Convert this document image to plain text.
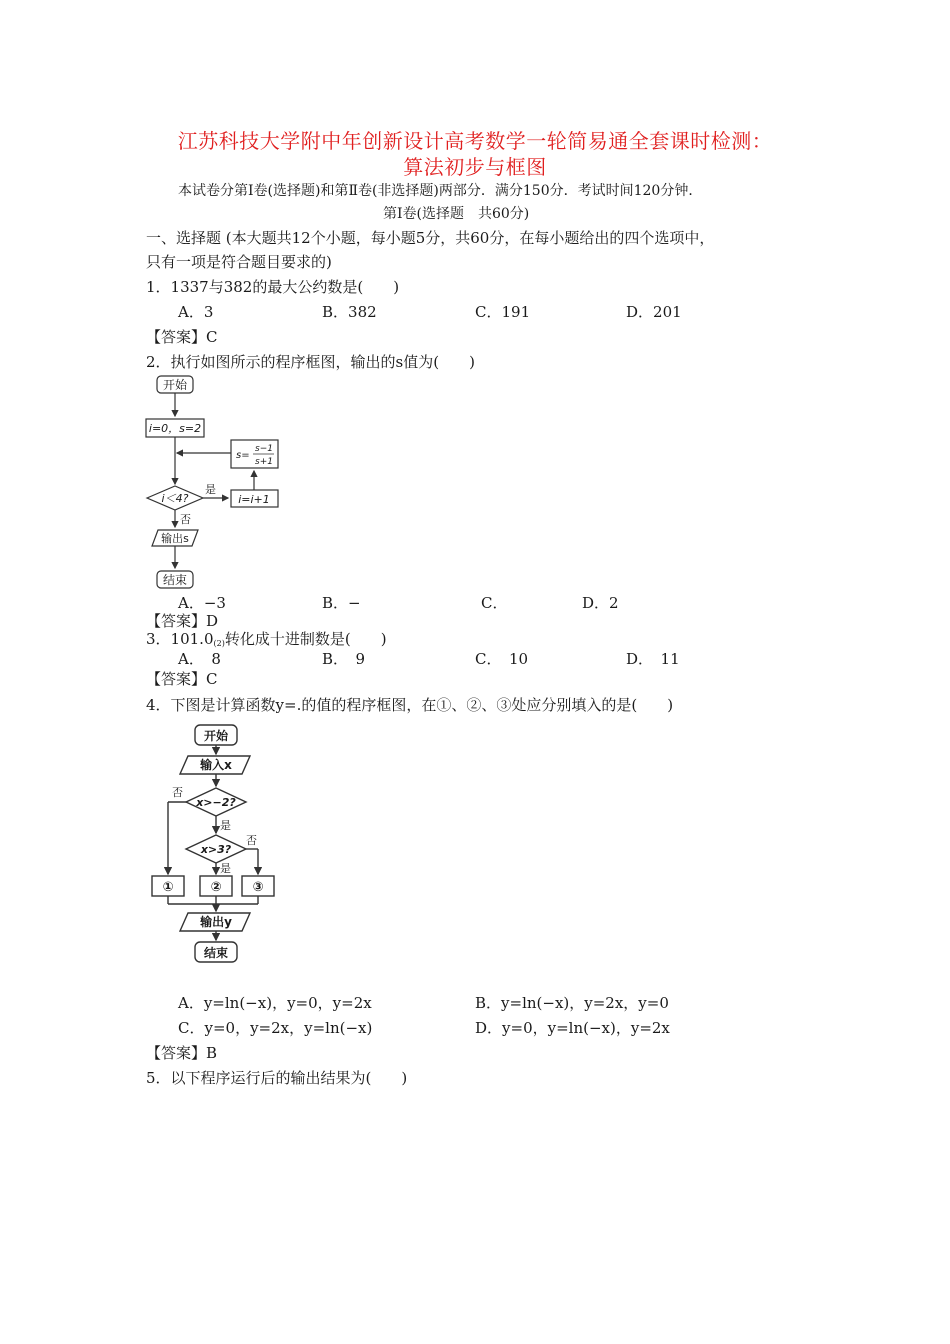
江苏科技大学附中年创新设计高考数学一轮简易通全套课时检测：
算法初步与框图
本试卷分第Ⅰ卷(选择题)和第Ⅱ卷(非选择题)两部分．满分150分．考试时间120分钟．
第Ⅰ卷(选择题　共60分)
一、选择题 (本大题共12个小题，每小题5分，共60分，在每小题给出的四个选项中，
只有一项是符合题目要求的)
1．1337与382的最大公约数是(　　)
A．3	B．382	C．191	D．201
【答案】C
2．执行如图所示的程序框图，输出的s值为(　　)
开始
i=0，s=2
s=
s−1
s+1
i＜4?
是
否
i=i+1
输出s
结束
A．−3	B．−	C．	D．2
【答案】D
3．$101.0_{(2)}$转化成十进制数是(　　)
A．　8	B．　9	C．　10	D．　11
【答案】C
4．下图是计算函数y=.的值的程序框图，在①、②、③处应分别填入的是(　　)
开始
输入x
x>−2?
x>3?
否
是
否
是
①	② ③
输出y
结束
A．y=ln(−x)，y=0，y=2x	B．y=ln(−x)，y=2x，y=0
C．y=0，y=2x，y=ln(−x)	D．y=0，y=ln(−x)，y=2x
【答案】B
5．以下程序运行后的输出结果为(　　)
